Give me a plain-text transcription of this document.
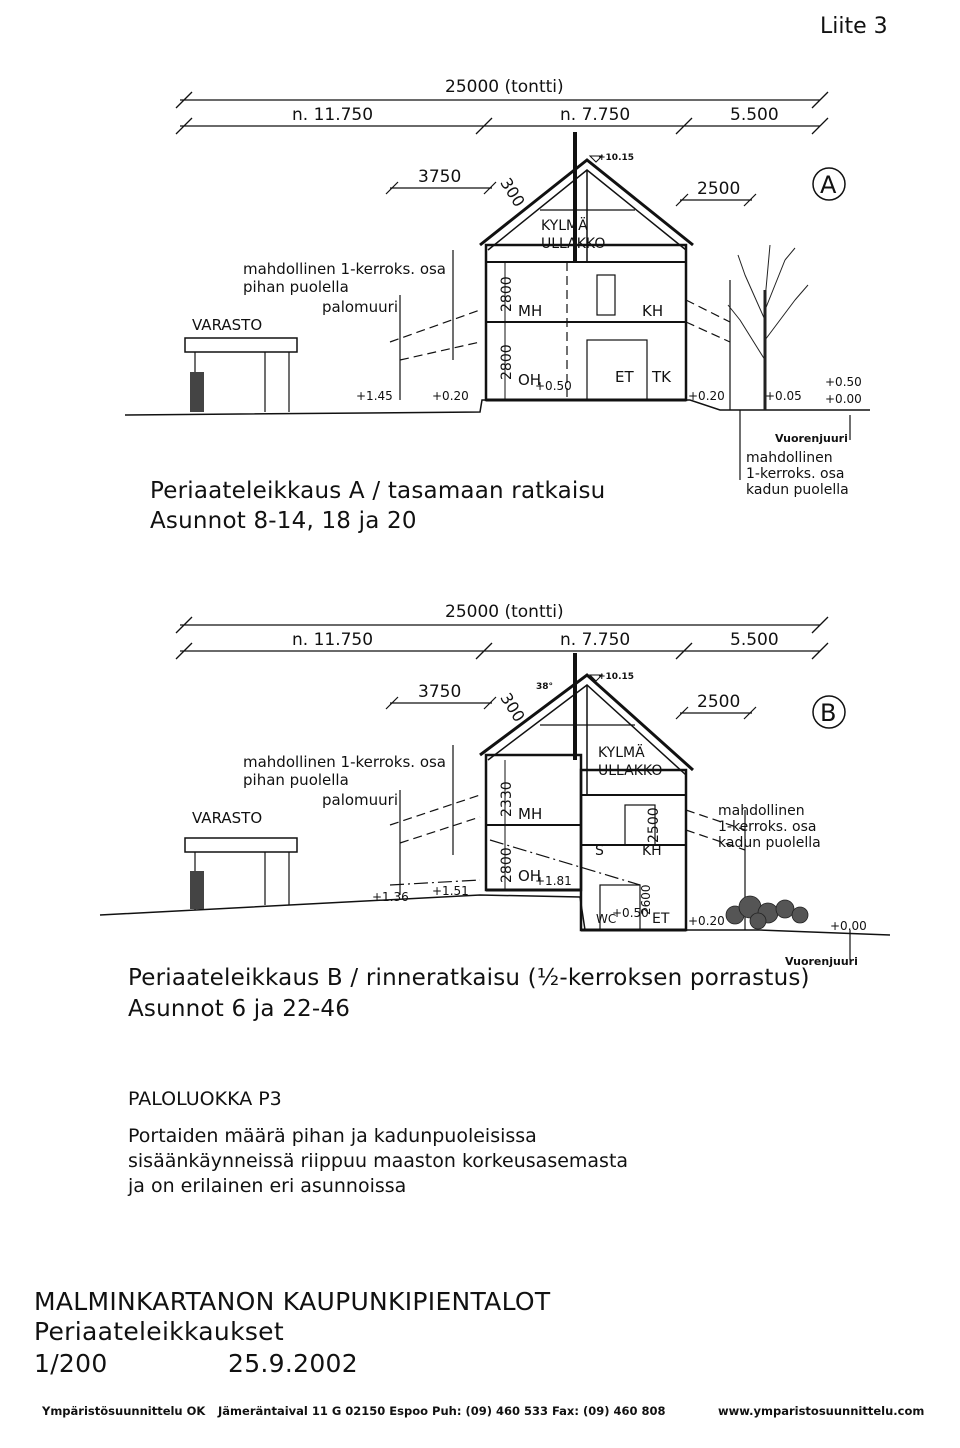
Liite 3
25000 (tontti)
n. 11.750	n. 7.750	5.500
3750 300	2500
+10.15
A
VARASTO
mahdollinen 1-kerroks. osa
pihan puolella
palomuuri
+1.45	+0.20
KYLMÄ
ULLAKKO
MH	KH
OH	ET TK
2800
2800
+0.50
+0.20	+0.05
+0.50
+0.00
Vuorenjuuri
mahdollinen
1-kerroks. osa
kadun puolella
Periaateleikkaus A / tasamaan ratkaisu
Asunnot 8-14, 18 ja 20
25000 (tontti)
n. 11.750	n. 7.750	5.500
3750 300
38°
2500
+10.15
B
VARASTO
mahdollinen 1-kerroks. osa
pihan puolella
palomuuri
+1.36 +1.51
KYLMÄ
ULLAKKO
MH
S	KH
OH
WC	ET
2330
2800
2500
2600
+1.81
+0.50
mahdollinen
1-kerroks. osa
kadun puolella
+0.20	+0.00
Vuorenjuuri
Periaateleikkaus B / rinneratkaisu (½-kerroksen porrastus)
Asunnot 6 ja 22-46
PALOLUOKKA P3
Portaiden määrä pihan ja kadunpuoleisissa
sisäänkäynneissä riippuu maaston korkeusasemasta
ja on erilainen eri asunnoissa
MALMINKARTANON KAUPUNKIPIENTALOT
Periaateleikkaukset
1/200	25.9.2002
Ympäristösuunnittelu OK Jämeräntaival 11 G 02150 Espoo Puh: (09) 460 533 Fax: (09) 460 808	www.ymparistosuunnittelu.com
